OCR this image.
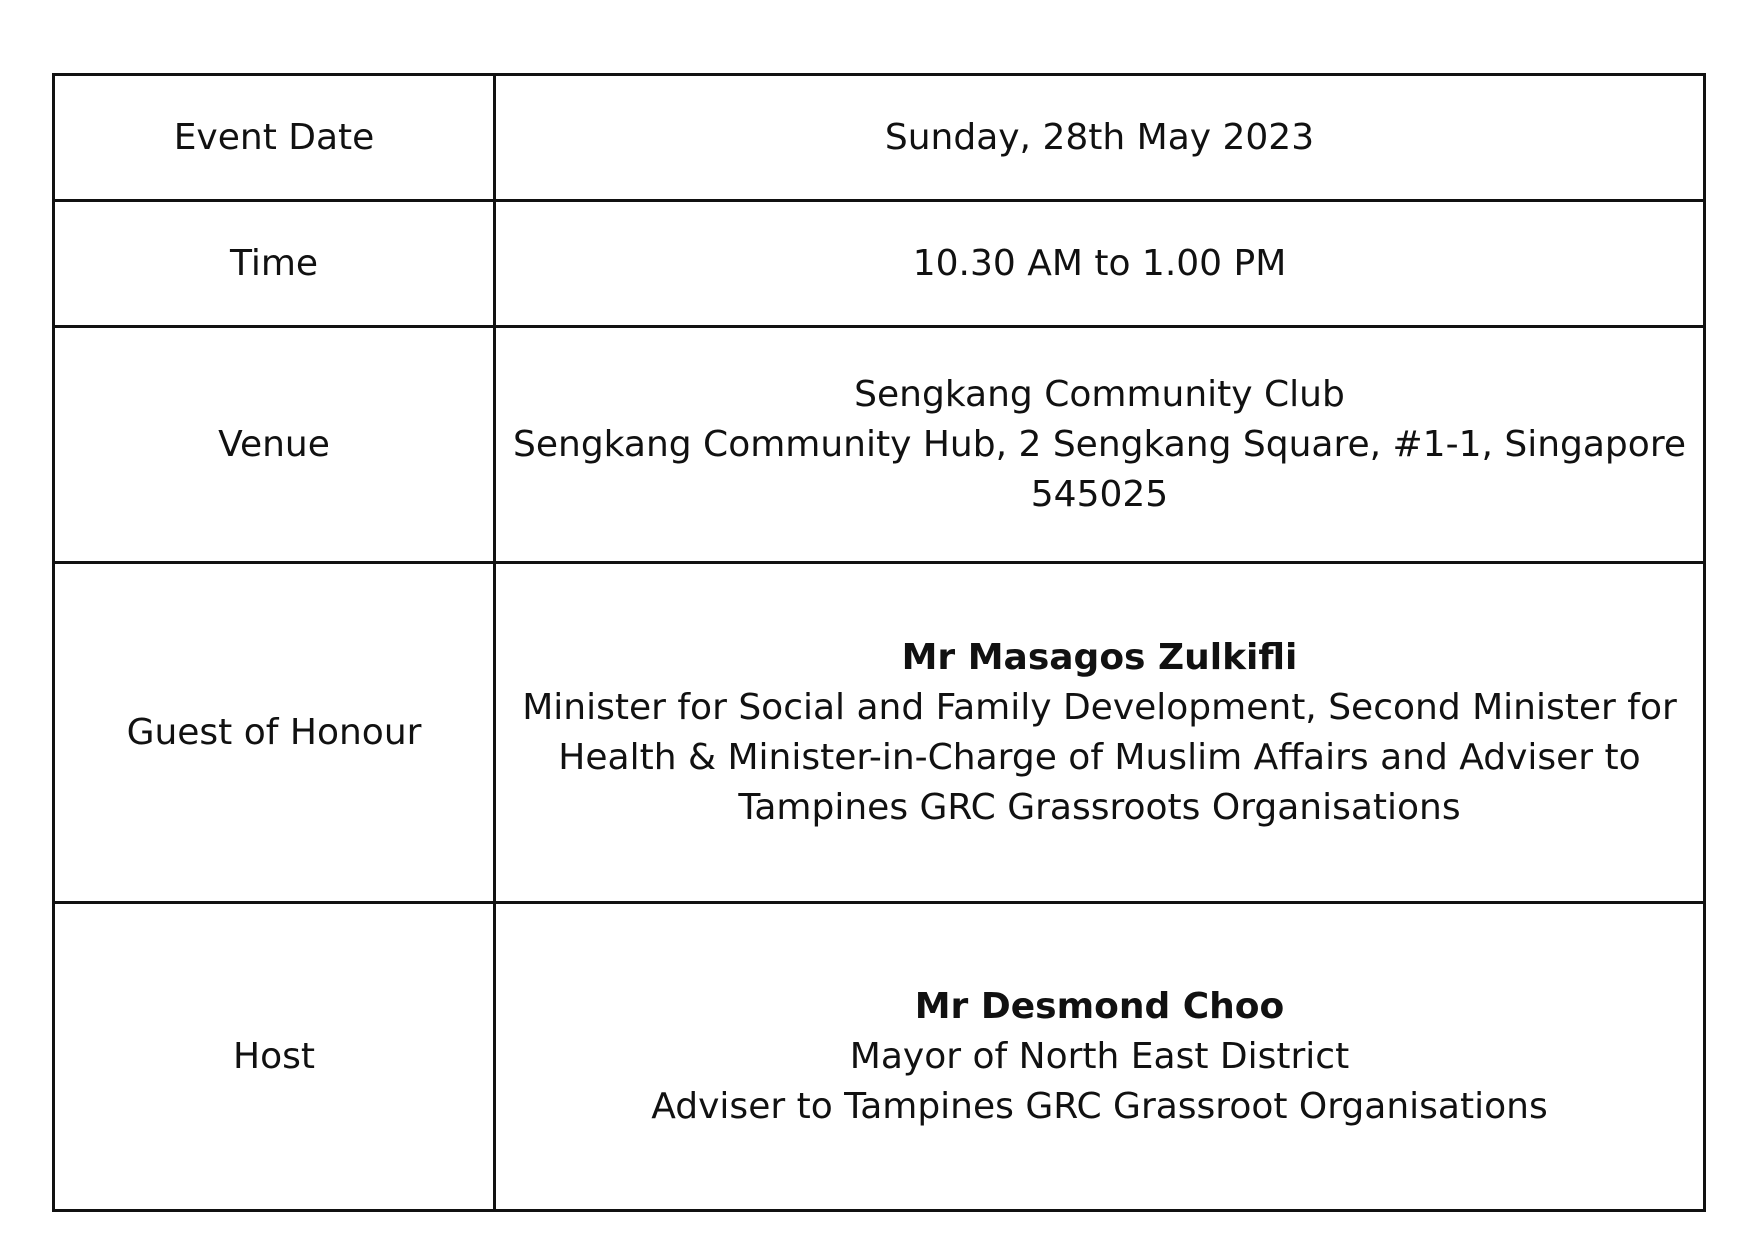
Event Date	Sunday, 28th May 2023

Time	10.30 AM to 1.00 PM

Venue	Sengkang Community Club
Sengkang Community Hub, 2 Sengkang Square, #1-1, Singapore 545025

Guest of Honour	Mr Masagos Zulkifli
Minister for Social and Family Development, Second Minister for Health & Minister-in-Charge of Muslim Affairs and Adviser to Tampines GRC Grassroots Organisations

Host	Mr Desmond Choo
Mayor of North East District
Adviser to Tampines GRC Grassroot Organisations
